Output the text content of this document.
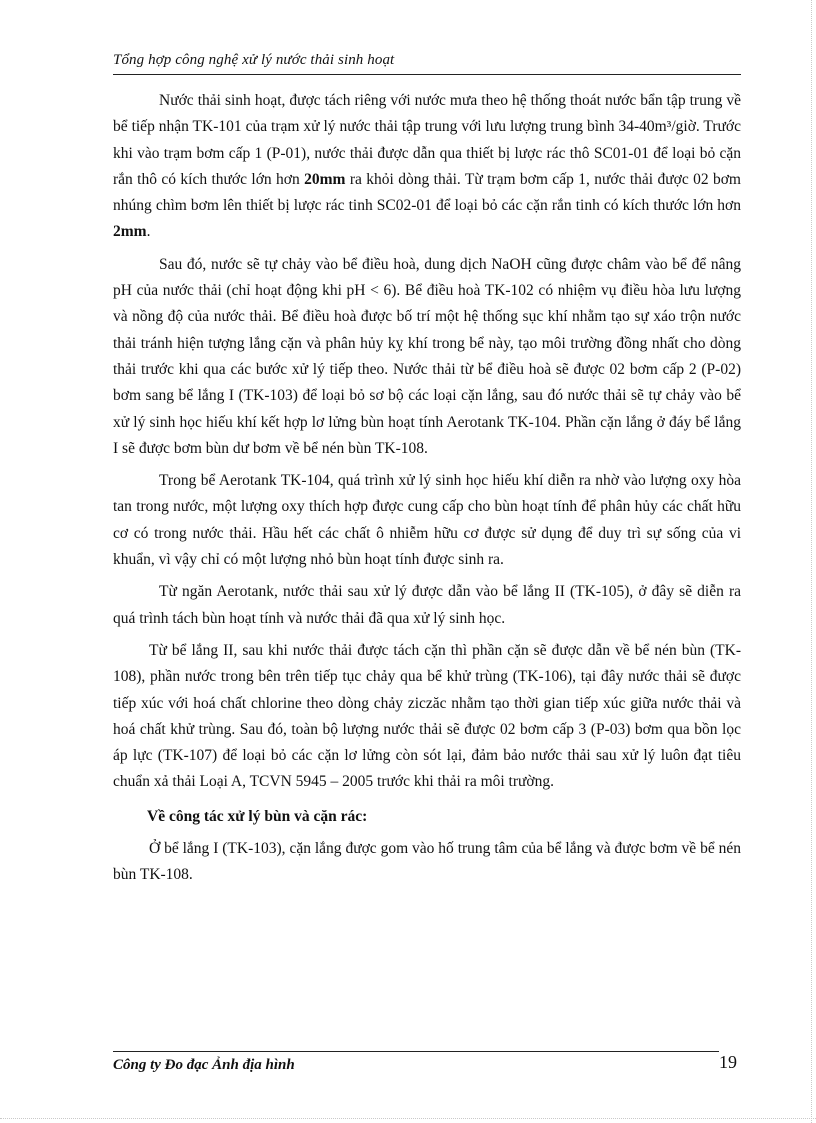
Tổng hợp công nghệ xử lý nước thải sinh hoạt

Nước thải sinh hoạt, được tách riêng với nước mưa theo hệ thống thoát nước bẩn tập trung về bể tiếp nhận TK-101 của trạm xử lý nước thải tập trung với lưu lượng trung bình 34-40m³/giờ. Trước khi vào trạm bơm cấp 1 (P-01), nước thải được dẫn qua thiết bị lược rác thô SC01-01 để loại bỏ cặn rắn thô có kích thước lớn hơn 20mm ra khỏi dòng thải. Từ trạm bơm cấp 1, nước thải được 02 bơm nhúng chìm bơm lên thiết bị lược rác tinh SC02-01 để loại bỏ các cặn rắn tinh có kích thước lớn hơn 2mm.

Sau đó, nước sẽ tự chảy vào bể điều hoà, dung dịch NaOH cũng được châm vào bể để nâng pH của nước thải (chỉ hoạt động khi pH < 6). Bể điều hoà TK-102 có nhiệm vụ điều hòa lưu lượng và nồng độ của nước thải. Bể điều hoà được bố trí một hệ thống sục khí nhằm tạo sự xáo trộn nước thải tránh hiện tượng lắng cặn và phân hủy kỵ khí trong bể này, tạo môi trường đồng nhất cho dòng thải trước khi qua các bước xử lý tiếp theo. Nước thải từ bể điều hoà sẽ được 02 bơm cấp 2 (P-02) bơm sang bể lắng I (TK-103) để loại bỏ sơ bộ các loại cặn lắng, sau đó nước thải sẽ tự chảy vào bể xử lý sinh học hiếu khí kết hợp lơ lửng bùn hoạt tính Aerotank TK-104. Phần cặn lắng ở đáy bể lắng I sẽ được bơm bùn dư bơm về bể nén bùn TK-108.

Trong bể Aerotank TK-104, quá trình xử lý sinh học hiếu khí diễn ra nhờ vào lượng oxy hòa tan trong nước, một lượng oxy thích hợp được cung cấp cho bùn hoạt tính để phân hủy các chất hữu cơ có trong nước thải. Hầu hết các chất ô nhiễm hữu cơ được sử dụng để duy trì sự sống của vi khuẩn, vì vậy chỉ có một lượng nhỏ bùn hoạt tính được sinh ra.

Từ ngăn Aerotank, nước thải sau xử lý được dẫn vào bể lắng II (TK-105), ở đây sẽ diễn ra quá trình tách bùn hoạt tính và nước thải đã qua xử lý sinh học.

Từ bể lắng II, sau khi nước thải được tách cặn thì phần cặn sẽ được dẫn về bể nén bùn (TK-108), phần nước trong bên trên tiếp tục chảy qua bể khử trùng (TK-106), tại đây nước thải sẽ được tiếp xúc với hoá chất chlorine theo dòng chảy ziczăc nhằm tạo thời gian tiếp xúc giữa nước thải và hoá chất khử trùng. Sau đó, toàn bộ lượng nước thải sẽ được 02 bơm cấp 3 (P-03) bơm qua bồn lọc áp lực (TK-107) để loại bỏ các cặn lơ lửng còn sót lại, đảm bảo nước thải sau xử lý luôn đạt tiêu chuẩn xả thải Loại A, TCVN 5945 – 2005 trước khi thải ra môi trường.

Về công tác xử lý bùn và cặn rác:

Ở bể lắng I (TK-103), cặn lắng được gom vào hố trung tâm của bể lắng và được bơm về bể nén bùn TK-108.

Công ty Đo đạc Ảnh địa hình	19
